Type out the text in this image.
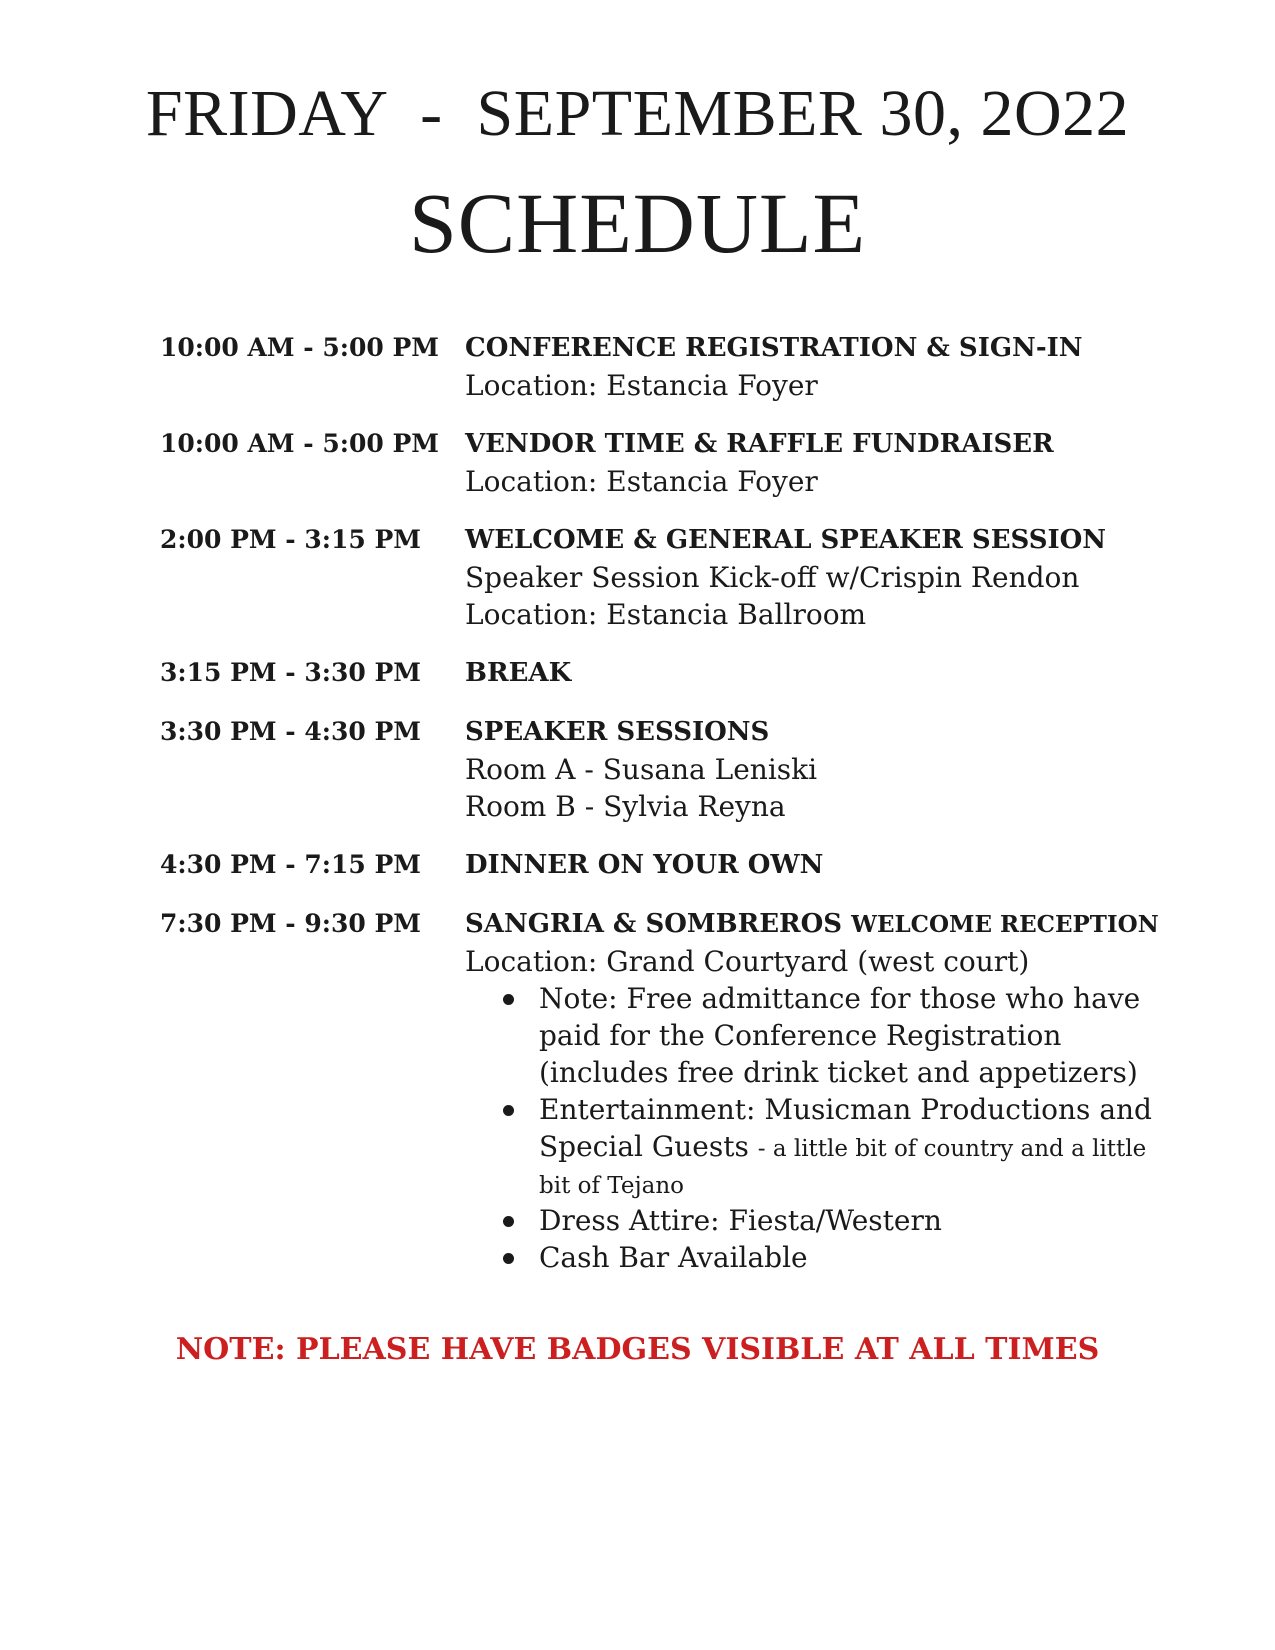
FRIDAY  -  SEPTEMBER 30, 2O22
SCHEDULE
10:00 AM - 5:00 PM	CONFERENCE REGISTRATION & SIGN-IN
Location: Estancia Foyer
10:00 AM - 5:00 PM	VENDOR TIME & RAFFLE FUNDRAISER
Location: Estancia Foyer
2:00 PM - 3:15 PM	WELCOME & GENERAL SPEAKER SESSION
Speaker Session Kick-off w/Crispin Rendon
Location: Estancia Ballroom
3:15 PM - 3:30 PM	BREAK
3:30 PM - 4:30 PM	SPEAKER SESSIONS
Room A - Susana Leniski
Room B - Sylvia Reyna
4:30 PM - 7:15 PM	DINNER ON YOUR OWN
7:30 PM - 9:30 PM	SANGRIA & SOMBREROS WELCOME RECEPTION
Location: Grand Courtyard (west court)
Note: Free admittance for those who have paid for the Conference Registration (includes free drink ticket and appetizers)
Entertainment: Musicman Productions and Special Guests - a little bit of country and a little bit of Tejano
Dress Attire: Fiesta/Western
Cash Bar Available

NOTE: PLEASE HAVE BADGES VISIBLE AT ALL TIMES
